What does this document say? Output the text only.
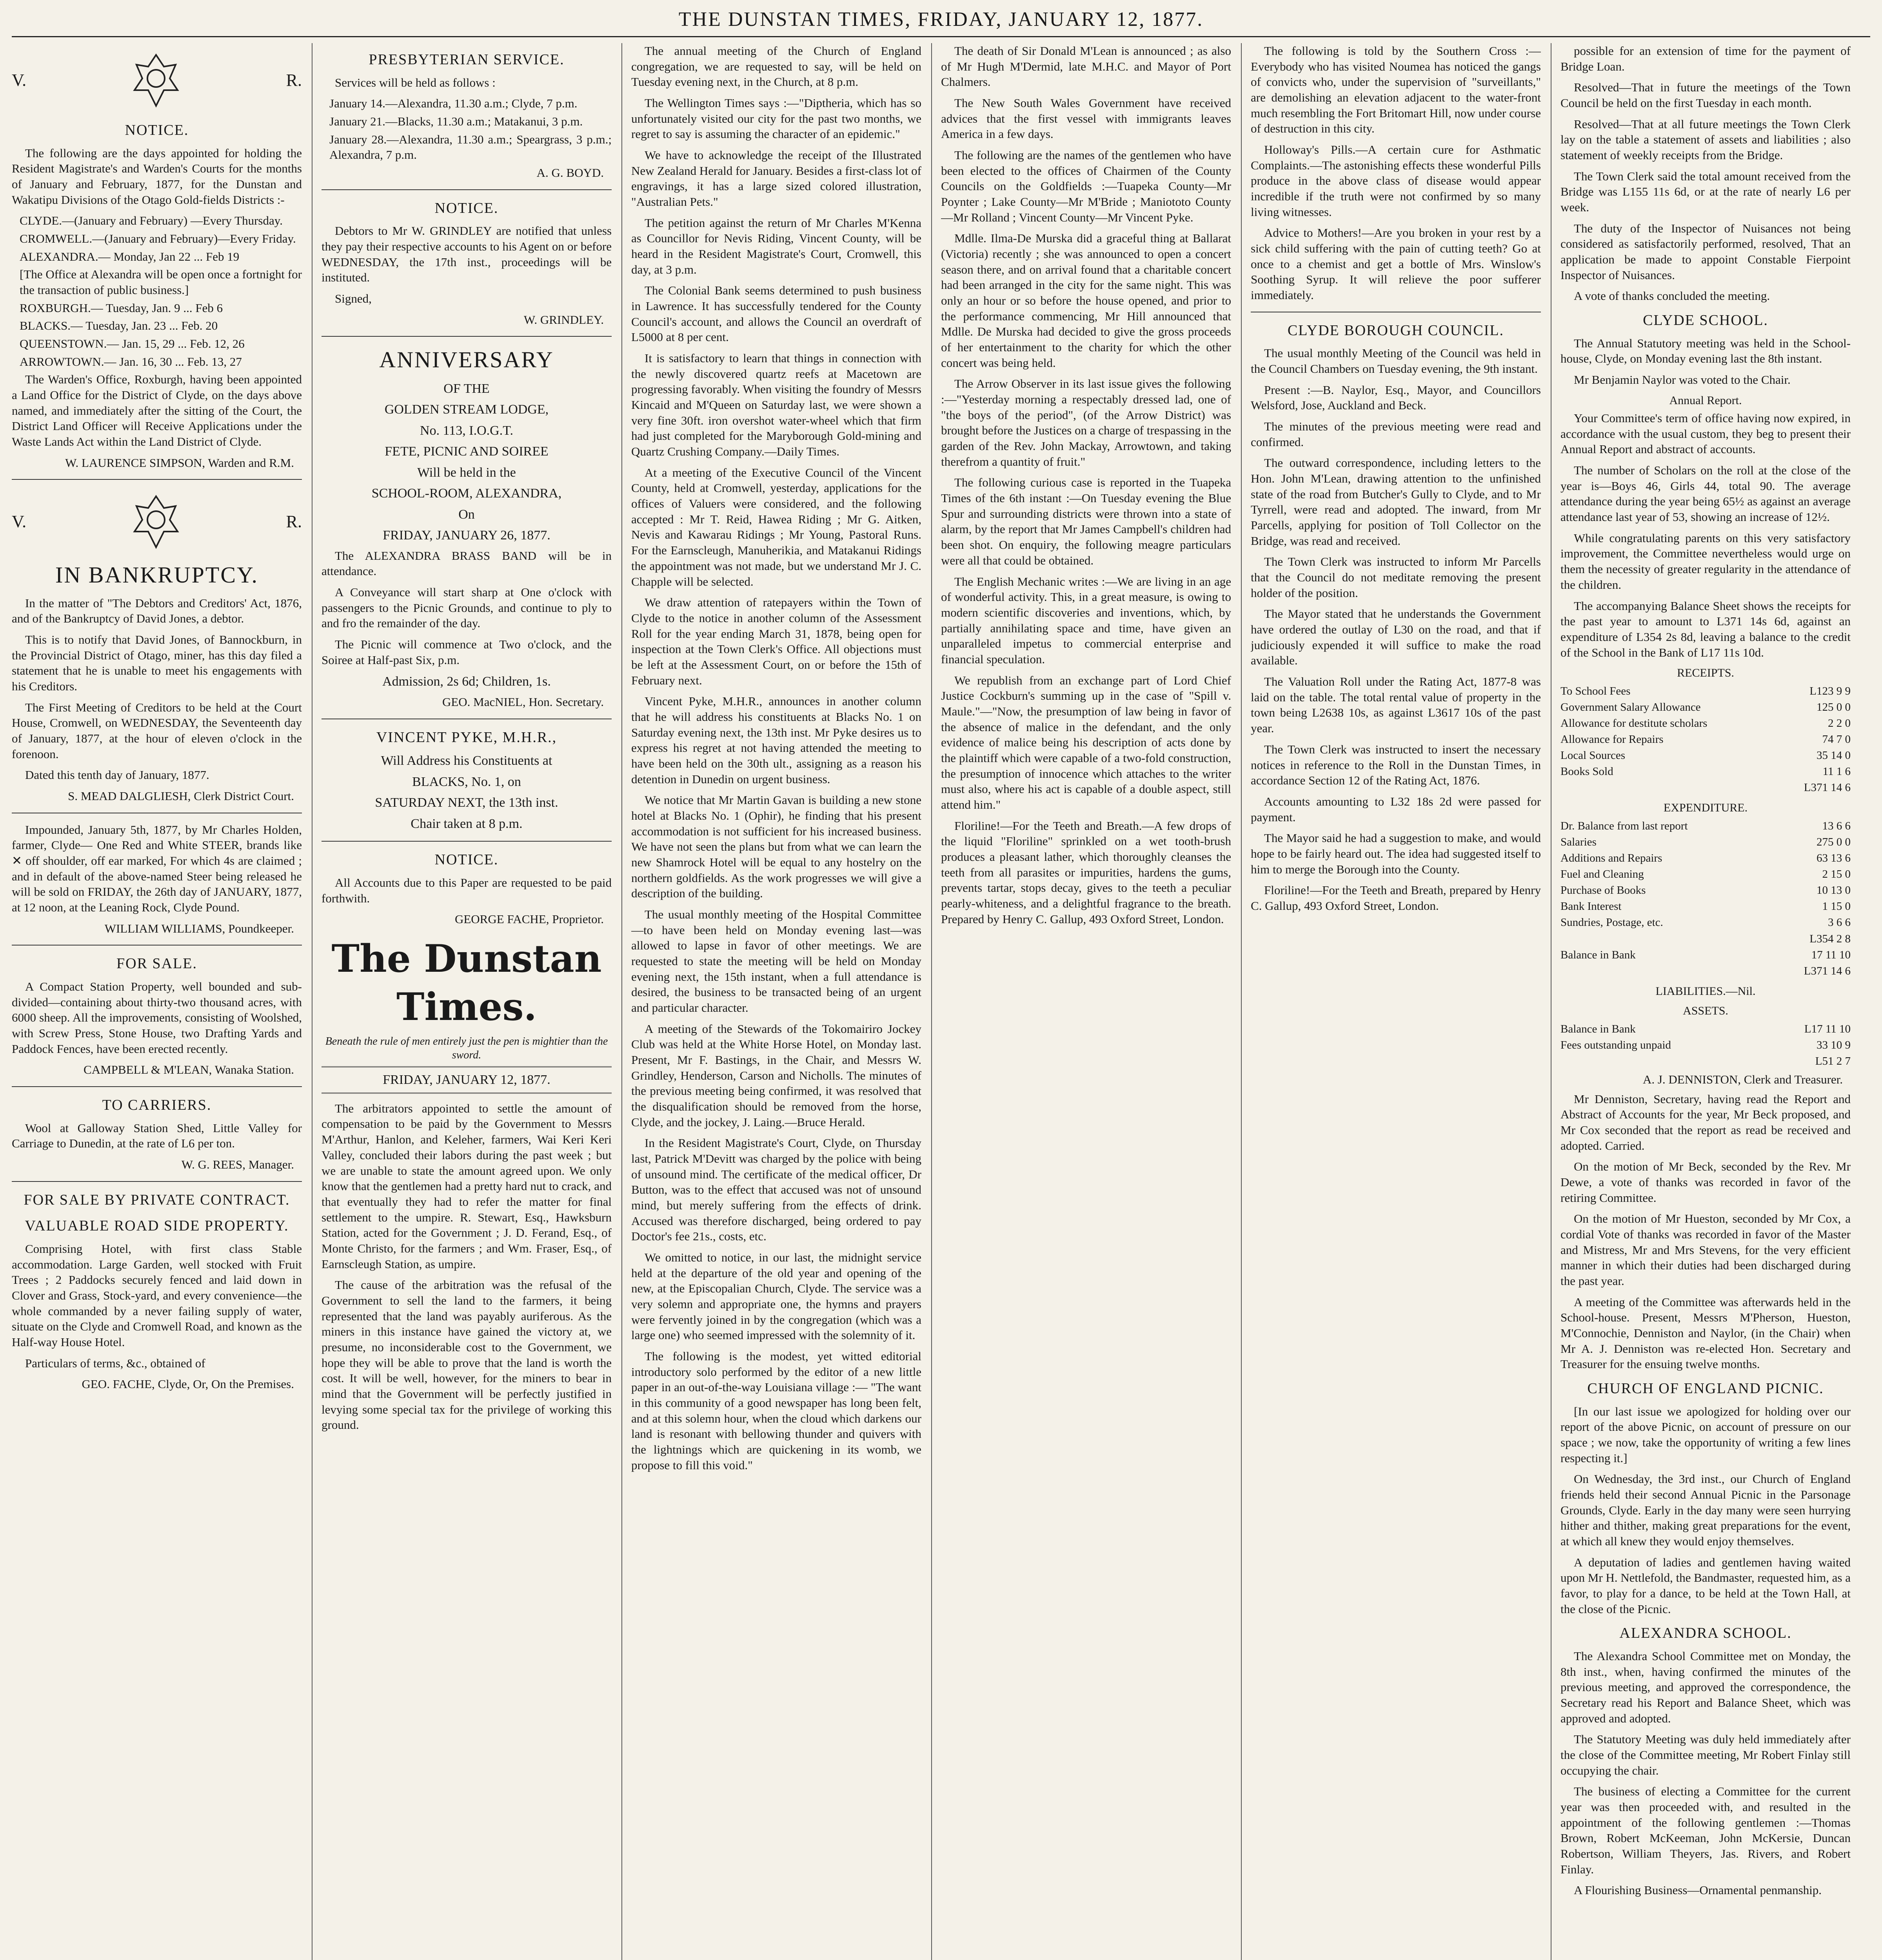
THE DUNSTAN TIMES, FRIDAY, JANUARY 12, 1877.
V.	R.
NOTICE.

The following are the days appointed for holding the Resident Magistrate's and Warden's Courts for the months of January and February, 1877, for the Dunstan and Wakatipu Divisions of the Otago Gold-fields Districts :-

CLYDE.—(January and February) —Every Thursday.

CROMWELL.—(January and February)—Every Friday.

ALEXANDRA.— Monday, Jan 22 ... Feb 19

[The Office at Alexandra will be open once a fortnight for the transaction of public business.]

ROXBURGH.— Tuesday, Jan. 9 ... Feb 6

BLACKS.— Tuesday, Jan. 23 ... Feb. 20

QUEENSTOWN.— Jan. 15, 29 ... Feb. 12, 26

ARROWTOWN.— Jan. 16, 30 ... Feb. 13, 27

The Warden's Office, Roxburgh, having been appointed a Land Office for the District of Clyde, on the days above named, and immediately after the sitting of the Court, the District Land Officer will Receive Applications under the Waste Lands Act within the Land District of Clyde.

W. LAURENCE SIMPSON, Warden and R.M.

V.	R.
IN BANKRUPTCY.

In the matter of "The Debtors and Creditors' Act, 1876, and of the Bankruptcy of David Jones, a debtor.

This is to notify that David Jones, of Bannockburn, in the Provincial District of Otago, miner, has this day filed a statement that he is unable to meet his engagements with his Creditors.

The First Meeting of Creditors to be held at the Court House, Cromwell, on WEDNESDAY, the Seventeenth day of January, 1877, at the hour of eleven o'clock in the forenoon.

Dated this tenth day of January, 1877.

S. MEAD DALGLIESH, Clerk District Court.

Impounded, January 5th, 1877, by Mr Charles Holden, farmer, Clyde— One Red and White STEER, brands like ✕ off shoulder, off ear marked, For which 4s are claimed ; and in default of the above-named Steer being released he will be sold on FRIDAY, the 26th day of JANUARY, 1877, at 12 noon, at the Leaning Rock, Clyde Pound.

WILLIAM WILLIAMS, Poundkeeper.

FOR SALE.

A Compact Station Property, well bounded and sub-divided—containing about thirty-two thousand acres, with 6000 sheep. All the improvements, consisting of Woolshed, with Screw Press, Stone House, two Drafting Yards and Paddock Fences, have been erected recently.

CAMPBELL & M'LEAN, Wanaka Station.

TO CARRIERS.

Wool at Galloway Station Shed, Little Valley for Carriage to Dunedin, at the rate of L6 per ton.

W. G. REES, Manager.

FOR SALE BY PRIVATE CONTRACT.
VALUABLE ROAD SIDE PROPERTY.

Comprising Hotel, with first class Stable accommodation. Large Garden, well stocked with Fruit Trees ; 2 Paddocks securely fenced and laid down in Clover and Grass, Stock-yard, and every convenience—the whole commanded by a never failing supply of water, situate on the Clyde and Cromwell Road, and known as the Half-way House Hotel.

Particulars of terms, &c., obtained of

GEO. FACHE, Clyde, Or, On the Premises.

PRESBYTERIAN SERVICE.

Services will be held as follows :

January 14.—Alexandra, 11.30 a.m.; Clyde, 7 p.m.

January 21.—Blacks, 11.30 a.m.; Matakanui, 3 p.m.

January 28.—Alexandra, 11.30 a.m.; Speargrass, 3 p.m.; Alexandra, 7 p.m.

A. G. BOYD.

NOTICE.

Debtors to Mr W. GRINDLEY are notified that unless they pay their respective accounts to his Agent on or before WEDNESDAY, the 17th inst., proceedings will be instituted.

Signed,

W. GRINDLEY.

ANNIVERSARY
OF THE
GOLDEN STREAM LODGE,
No. 113, I.O.G.T.
FETE, PICNIC AND SOIREE
Will be held in the
SCHOOL-ROOM, ALEXANDRA,
On
FRIDAY, JANUARY 26, 1877.

The ALEXANDRA BRASS BAND will be in attendance.

A Conveyance will start sharp at One o'clock with passengers to the Picnic Grounds, and continue to ply to and fro the remainder of the day.

The Picnic will commence at Two o'clock, and the Soiree at Half-past Six, p.m.

Admission, 2s 6d; Children, 1s.

GEO. MacNIEL, Hon. Secretary.

VINCENT PYKE, M.H.R.,
Will Address his Constituents at
BLACKS, No. 1, on
SATURDAY NEXT, the 13th inst.
Chair taken at 8 p.m.
NOTICE.

All Accounts due to this Paper are requested to be paid forthwith.

GEORGE FACHE, Proprietor.

The Dunstan Times.

Beneath the rule of men entirely just the pen is mightier than the sword.

FRIDAY, JANUARY 12, 1877.

The arbitrators appointed to settle the amount of compensation to be paid by the Government to Messrs M'Arthur, Hanlon, and Keleher, farmers, Wai Keri Keri Valley, concluded their labors during the past week ; but we are unable to state the amount agreed upon. We only know that the gentlemen had a pretty hard nut to crack, and that eventually they had to refer the matter for final settlement to the umpire. R. Stewart, Esq., Hawksburn Station, acted for the Government ; J. D. Ferand, Esq., of Monte Christo, for the farmers ; and Wm. Fraser, Esq., of Earnscleugh Station, as umpire.

The cause of the arbitration was the refusal of the Government to sell the land to the farmers, it being represented that the land was payably auriferous. As the miners in this instance have gained the victory at, we presume, no inconsiderable cost to the Government, we hope they will be able to prove that the land is worth the cost. It will be well, however, for the miners to bear in mind that the Government will be perfectly justified in levying some special tax for the privilege of working this ground.

The annual meeting of the Church of England congregation, we are requested to say, will be held on Tuesday evening next, in the Church, at 8 p.m.

The Wellington Times says :—"Diptheria, which has so unfortunately visited our city for the past two months, we regret to say is assuming the character of an epidemic."

We have to acknowledge the receipt of the Illustrated New Zealand Herald for January. Besides a first-class lot of engravings, it has a large sized colored illustration, "Australian Pets."

The petition against the return of Mr Charles M'Kenna as Councillor for Nevis Riding, Vincent County, will be heard in the Resident Magistrate's Court, Cromwell, this day, at 3 p.m.

The Colonial Bank seems determined to push business in Lawrence. It has successfully tendered for the County Council's account, and allows the Council an overdraft of L5000 at 8 per cent.

It is satisfactory to learn that things in connection with the newly discovered quartz reefs at Macetown are progressing favorably. When visiting the foundry of Messrs Kincaid and M'Queen on Saturday last, we were shown a very fine 30ft. iron overshot water-wheel which that firm had just completed for the Maryborough Gold-mining and Quartz Crushing Company.—Daily Times.

At a meeting of the Executive Council of the Vincent County, held at Cromwell, yesterday, applications for the offices of Valuers were considered, and the following accepted : Mr T. Reid, Hawea Riding ; Mr G. Aitken, Nevis and Kawarau Ridings ; Mr Young, Pastoral Runs. For the Earnscleugh, Manuherikia, and Matakanui Ridings the appointment was not made, but we understand Mr J. C. Chapple will be selected.

We draw attention of ratepayers within the Town of Clyde to the notice in another column of the Assessment Roll for the year ending March 31, 1878, being open for inspection at the Town Clerk's Office. All objections must be left at the Assessment Court, on or before the 15th of February next.

Vincent Pyke, M.H.R., announces in another column that he will address his constituents at Blacks No. 1 on Saturday evening next, the 13th inst. Mr Pyke desires us to express his regret at not having attended the meeting to have been held on the 30th ult., assigning as a reason his detention in Dunedin on urgent business.

We notice that Mr Martin Gavan is building a new stone hotel at Blacks No. 1 (Ophir), he finding that his present accommodation is not sufficient for his increased business. We have not seen the plans but from what we can learn the new Shamrock Hotel will be equal to any hostelry on the northern goldfields. As the work progresses we will give a description of the building.

The usual monthly meeting of the Hospital Committee—to have been held on Monday evening last—was allowed to lapse in favor of other meetings. We are requested to state the meeting will be held on Monday evening next, the 15th instant, when a full attendance is desired, the business to be transacted being of an urgent and particular character.

A meeting of the Stewards of the Tokomairiro Jockey Club was held at the White Horse Hotel, on Monday last. Present, Mr F. Bastings, in the Chair, and Messrs W. Grindley, Henderson, Carson and Nicholls. The minutes of the previous meeting being confirmed, it was resolved that the disqualification should be removed from the horse, Clyde, and the jockey, J. Laing.—Bruce Herald.

In the Resident Magistrate's Court, Clyde, on Thursday last, Patrick M'Devitt was charged by the police with being of unsound mind. The certificate of the medical officer, Dr Button, was to the effect that accused was not of unsound mind, but merely suffering from the effects of drink. Accused was therefore discharged, being ordered to pay Doctor's fee 21s., costs, etc.

We omitted to notice, in our last, the midnight service held at the departure of the old year and opening of the new, at the Episcopalian Church, Clyde. The service was a very solemn and appropriate one, the hymns and prayers were fervently joined in by the congregation (which was a large one) who seemed impressed with the solemnity of it.

The following is the modest, yet witted editorial introductory solo performed by the editor of a new little paper in an out-of-the-way Louisiana village :— "The want in this community of a good newspaper has long been felt, and at this solemn hour, when the cloud which darkens our land is resonant with bellowing thunder and quivers with the lightnings which are quickening in its womb, we propose to fill this void."

The death of Sir Donald M'Lean is announced ; as also of Mr Hugh M'Dermid, late M.H.C. and Mayor of Port Chalmers.

The New South Wales Government have received advices that the first vessel with immigrants leaves America in a few days.

The following are the names of the gentlemen who have been elected to the offices of Chairmen of the County Councils on the Goldfields :—Tuapeka County—Mr Poynter ; Lake County—Mr M'Bride ; Maniototo County—Mr Rolland ; Vincent County—Mr Vincent Pyke.

Mdlle. Ilma-De Murska did a graceful thing at Ballarat (Victoria) recently ; she was announced to open a concert season there, and on arrival found that a charitable concert had been arranged in the city for the same night. This was only an hour or so before the house opened, and prior to the performance commencing, Mr Hill announced that Mdlle. De Murska had decided to give the gross proceeds of her entertainment to the charity for which the other concert was being held.

The Arrow Observer in its last issue gives the following :—"Yesterday morning a respectably dressed lad, one of "the boys of the period", (of the Arrow District) was brought before the Justices on a charge of trespassing in the garden of the Rev. John Mackay, Arrowtown, and taking therefrom a quantity of fruit."

The following curious case is reported in the Tuapeka Times of the 6th instant :—On Tuesday evening the Blue Spur and surrounding districts were thrown into a state of alarm, by the report that Mr James Campbell's children had been shot. On enquiry, the following meagre particulars were all that could be obtained.

The English Mechanic writes :—We are living in an age of wonderful activity. This, in a great measure, is owing to modern scientific discoveries and inventions, which, by partially annihilating space and time, have given an unparalleled impetus to commercial enterprise and financial speculation.

We republish from an exchange part of Lord Chief Justice Cockburn's summing up in the case of "Spill v. Maule."—"Now, the presumption of law being in favor of the absence of malice in the defendant, and the only evidence of malice being his description of acts done by the plaintiff which were capable of a two-fold construction, the presumption of innocence which attaches to the writer must also, where his act is capable of a double aspect, still attend him."

Floriline!—For the Teeth and Breath.—A few drops of the liquid "Floriline" sprinkled on a wet tooth-brush produces a pleasant lather, which thoroughly cleanses the teeth from all parasites or impurities, hardens the gums, prevents tartar, stops decay, gives to the teeth a peculiar pearly-whiteness, and a delightful fragrance to the breath. Prepared by Henry C. Gallup, 493 Oxford Street, London.

The following is told by the Southern Cross :—Everybody who has visited Noumea has noticed the gangs of convicts who, under the supervision of "surveillants," are demolishing an elevation adjacent to the water-front much resembling the Fort Britomart Hill, now under course of destruction in this city.

Holloway's Pills.—A certain cure for Asthmatic Complaints.—The astonishing effects these wonderful Pills produce in the above class of disease would appear incredible if the truth were not confirmed by so many living witnesses.

Advice to Mothers!—Are you broken in your rest by a sick child suffering with the pain of cutting teeth? Go at once to a chemist and get a bottle of Mrs. Winslow's Soothing Syrup. It will relieve the poor sufferer immediately.

CLYDE BOROUGH COUNCIL.

The usual monthly Meeting of the Council was held in the Council Chambers on Tuesday evening, the 9th instant.

Present :—B. Naylor, Esq., Mayor, and Councillors Welsford, Jose, Auckland and Beck.

The minutes of the previous meeting were read and confirmed.

The outward correspondence, including letters to the Hon. John M'Lean, drawing attention to the unfinished state of the road from Butcher's Gully to Clyde, and to Mr Tyrrell, were read and adopted. The inward, from Mr Parcells, applying for position of Toll Collector on the Bridge, was read and received.

The Town Clerk was instructed to inform Mr Parcells that the Council do not meditate removing the present holder of the position.

The Mayor stated that he understands the Government have ordered the outlay of L30 on the road, and that if judiciously expended it will suffice to make the road available.

The Valuation Roll under the Rating Act, 1877-8 was laid on the table. The total rental value of property in the town being L2638 10s, as against L3617 10s of the past year.

The Town Clerk was instructed to insert the necessary notices in reference to the Roll in the Dunstan Times, in accordance Section 12 of the Rating Act, 1876.

Accounts amounting to L32 18s 2d were passed for payment.

The Mayor said he had a suggestion to make, and would hope to be fairly heard out. The idea had suggested itself to him to merge the Borough into the County.

Floriline!—For the Teeth and Breath, prepared by Henry C. Gallup, 493 Oxford Street, London.

possible for an extension of time for the payment of Bridge Loan.

Resolved—That in future the meetings of the Town Council be held on the first Tuesday in each month.

Resolved—That at all future meetings the Town Clerk lay on the table a statement of assets and liabilities ; also statement of weekly receipts from the Bridge.

The Town Clerk said the total amount received from the Bridge was L155 11s 6d, or at the rate of nearly L6 per week.

The duty of the Inspector of Nuisances not being considered as satisfactorily performed, resolved, That an application be made to appoint Constable Fierpoint Inspector of Nuisances.

A vote of thanks concluded the meeting.

CLYDE SCHOOL.

The Annual Statutory meeting was held in the School-house, Clyde, on Monday evening last the 8th instant.

Mr Benjamin Naylor was voted to the Chair.

Annual Report.

Your Committee's term of office having now expired, in accordance with the usual custom, they beg to present their Annual Report and abstract of accounts.

The number of Scholars on the roll at the close of the year is—Boys 46, Girls 44, total 90. The average attendance during the year being 65½ as against an average attendance last year of 53, showing an increase of 12½.

While congratulating parents on this very satisfactory improvement, the Committee nevertheless would urge on them the necessity of greater regularity in the attendance of the children.

The accompanying Balance Sheet shows the receipts for the past year to amount to L371 14s 6d, against an expenditure of L354 2s 8d, leaving a balance to the credit of the School in the Bank of L17 11s 10d.

RECEIPTS.
To School Fees	L123 9 9
Government Salary Allowance	125 0 0
Allowance for destitute scholars	2 2 0
Allowance for Repairs	74 7 0
Local Sources	35 14 0
Books Sold	11 1 6
	L371 14 6
EXPENDITURE.
Dr. Balance from last report	13 6 6
Salaries	275 0 0
Additions and Repairs	63 13 6
Fuel and Cleaning	2 15 0
Purchase of Books	10 13 0
Bank Interest	1 15 0
Sundries, Postage, etc.	3 6 6
	L354 2 8
Balance in Bank	17 11 10
	L371 14 6
LIABILITIES.—Nil.
ASSETS.
Balance in Bank	L17 11 10
Fees outstanding unpaid	33 10 9
	L51 2 7

A. J. DENNISTON, Clerk and Treasurer.

Mr Denniston, Secretary, having read the Report and Abstract of Accounts for the year, Mr Beck proposed, and Mr Cox seconded that the report as read be received and adopted. Carried.

On the motion of Mr Beck, seconded by the Rev. Mr Dewe, a vote of thanks was recorded in favor of the retiring Committee.

On the motion of Mr Hueston, seconded by Mr Cox, a cordial Vote of thanks was recorded in favor of the Master and Mistress, Mr and Mrs Stevens, for the very efficient manner in which their duties had been discharged during the past year.

A meeting of the Committee was afterwards held in the School-house. Present, Messrs M'Pherson, Hueston, M'Connochie, Denniston and Naylor, (in the Chair) when Mr A. J. Denniston was re-elected Hon. Secretary and Treasurer for the ensuing twelve months.

CHURCH OF ENGLAND PICNIC.

[In our last issue we apologized for holding over our report of the above Picnic, on account of pressure on our space ; we now, take the opportunity of writing a few lines respecting it.]

On Wednesday, the 3rd inst., our Church of England friends held their second Annual Picnic in the Parsonage Grounds, Clyde. Early in the day many were seen hurrying hither and thither, making great preparations for the event, at which all knew they would enjoy themselves.

A deputation of ladies and gentlemen having waited upon Mr H. Nettlefold, the Bandmaster, requested him, as a favor, to play for a dance, to be held at the Town Hall, at the close of the Picnic.

ALEXANDRA SCHOOL.

The Alexandra School Committee met on Monday, the 8th inst., when, having confirmed the minutes of the previous meeting, and approved the correspondence, the Secretary read his Report and Balance Sheet, which was approved and adopted.

The Statutory Meeting was duly held immediately after the close of the Committee meeting, Mr Robert Finlay still occupying the chair.

The business of electing a Committee for the current year was then proceeded with, and resulted in the appointment of the following gentlemen :—Thomas Brown, Robert McKeeman, John McKersie, Duncan Robertson, William Theyers, Jas. Rivers, and Robert Finlay.

A Flourishing Business—Ornamental penmanship.
